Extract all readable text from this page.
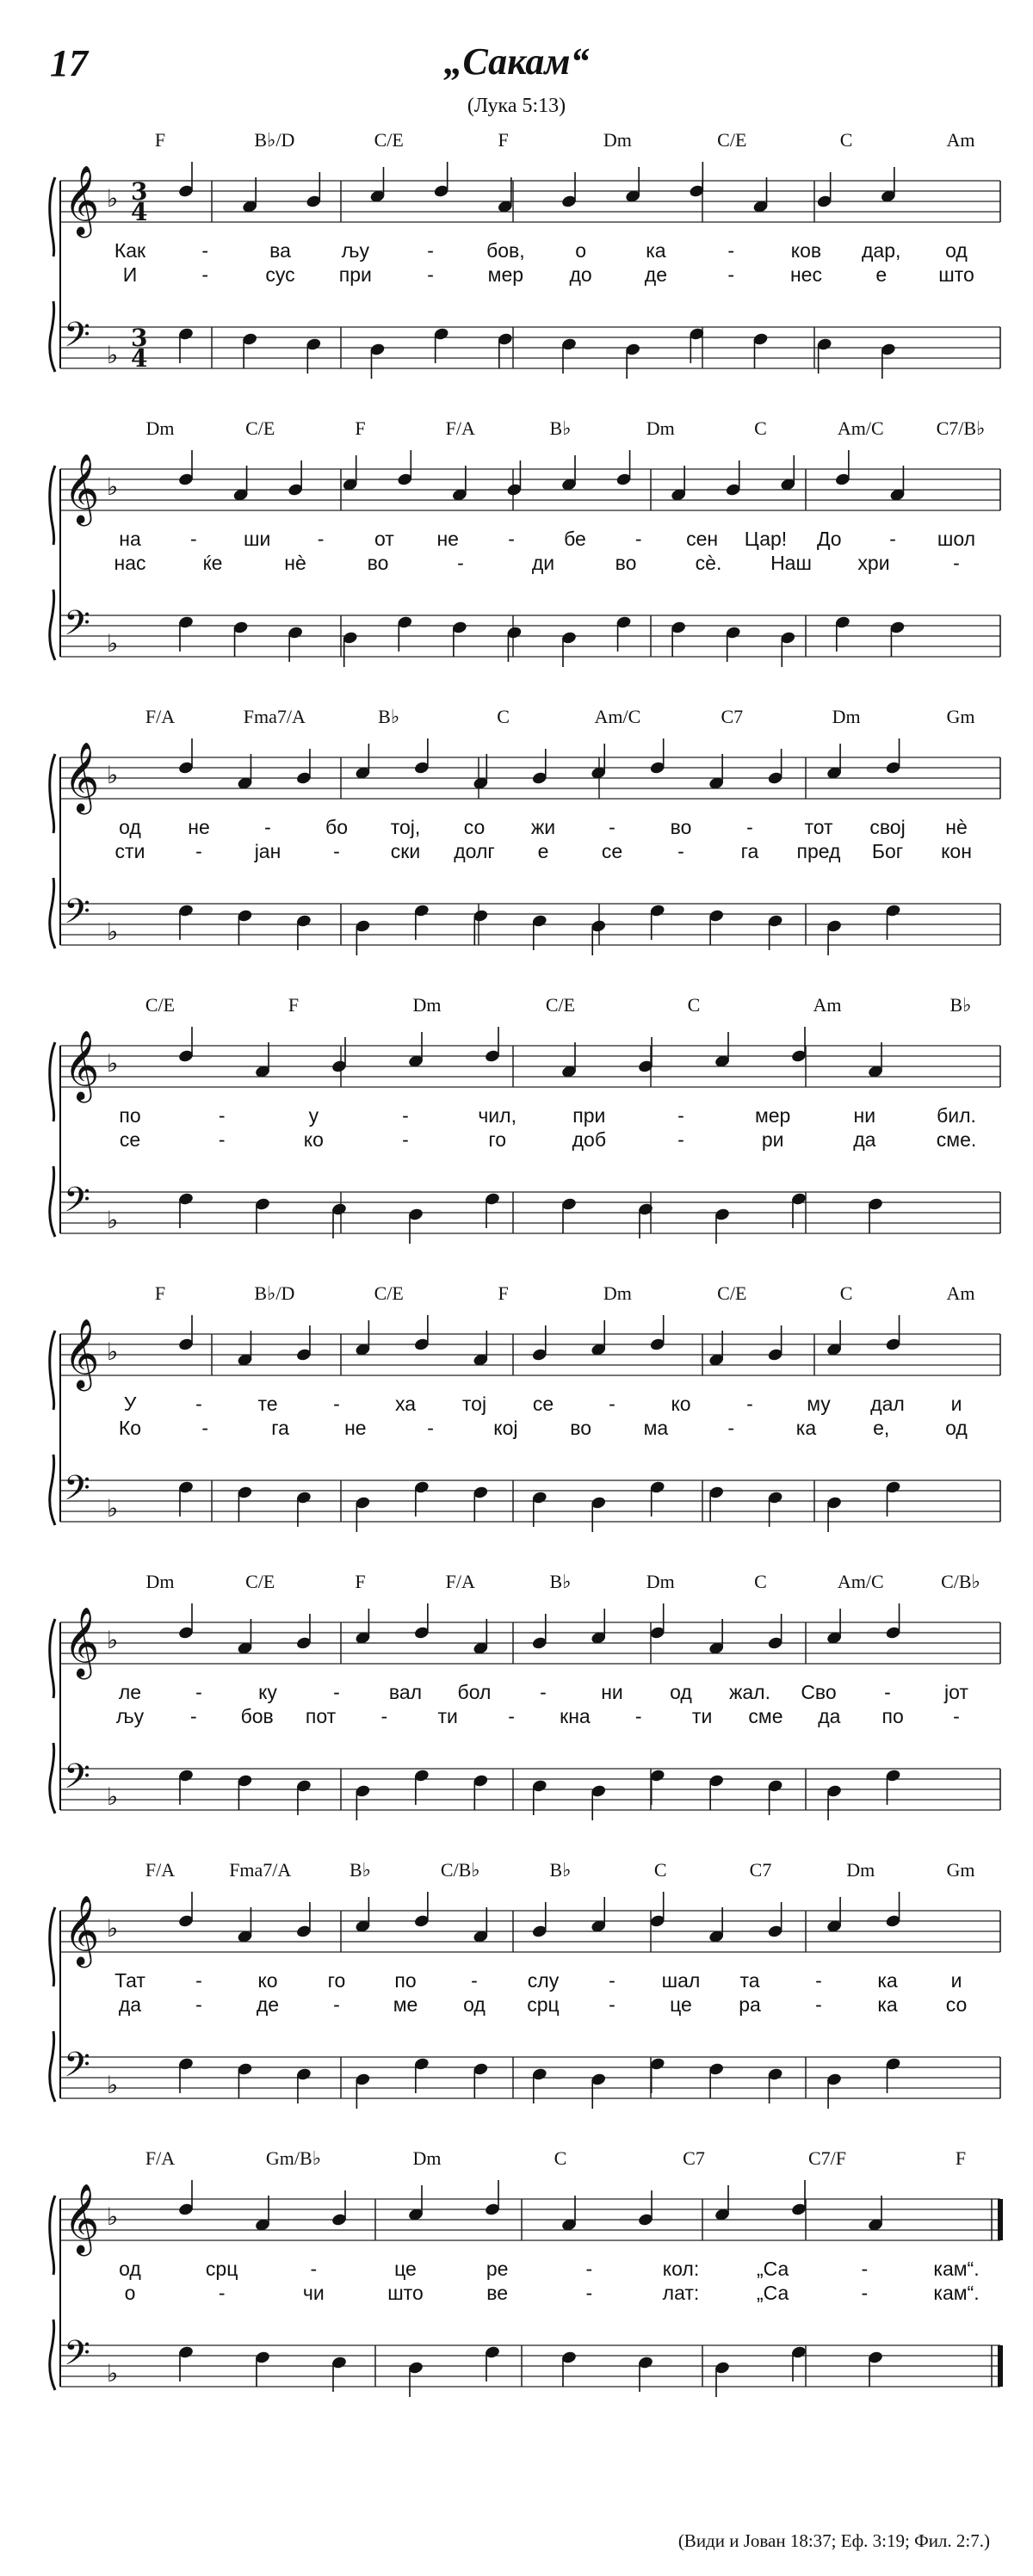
17	„Сакам“
(Лука 5:13)
F	B♭/D	C/E	F	Dm	C/E	C	Am
𝄞 ♭ 3
4
𝄢 ♭
3
4
Как	-	ва	љу	-	бов,	о	ка	-	ков дар, од
И	-	сус при	-	мер до	де	-	нес	е	што
Dm	C/E	F	F/A	B♭	Dm	C	Am/C	C7/B♭
𝄞 ♭
𝄢 ♭
на - ши -	от не - бе - сен Цар! До - шол
нас	ќе	нѐ	во	-	ди	во	сѐ. Наш хри	-
F/A	Fma7/A	B♭	C	Am/C	C7	Dm	Gm
𝄞 ♭
𝄢 ♭
од не	-	бо тој, со жи	-	во	-	тот свој нѐ
сти	-	јан	-	ски долг е	се	-	га пред Бог кон
C/E	F	Dm	C/E	C	Am	B♭
𝄞 ♭
𝄢 ♭
по	-	у	-	чил,	при	-	мер	ни	бил.
се	-	ко	-	го	доб	-	ри	да	сме.
F	B♭/D	C/E	F	Dm	C/E	C	Am
𝄞 ♭
𝄢 ♭
У	-	те	-	ха тој се	-	ко	-	му дал и
Ко	-	га	не	-	кој	во	ма	-	ка	е,	од
Dm	C/E	F	F/A	B♭	Dm	C	Am/C	C/B♭
𝄞 ♭
𝄢 ♭
ле	-	ку	- вал бол -	ни од жал. Сво -	јот
љу - бов пот -	ти	- кна -	ти сме да по -
F/A	Fma7/A	B♭	C/B♭	B♭	C	C7	Dm	Gm
𝄞 ♭
𝄢 ♭
Тат	-	ко	го по	-	слу	- шал та	-	ка	и
да	-	де	-	ме од срц -	це ра	-	ка со
F/A	Gm/B♭	Dm	C	C7	C7/F	F
𝄞 ♭
𝄢 ♭
од	срц	-	це	ре	-	кол:	„Са	-	кам“.
о	-	чи	што	ве	-	лат:	„Са	-	кам“.
(Види и Јован 18:37; Еф. 3:19; Фил. 2:7.)
